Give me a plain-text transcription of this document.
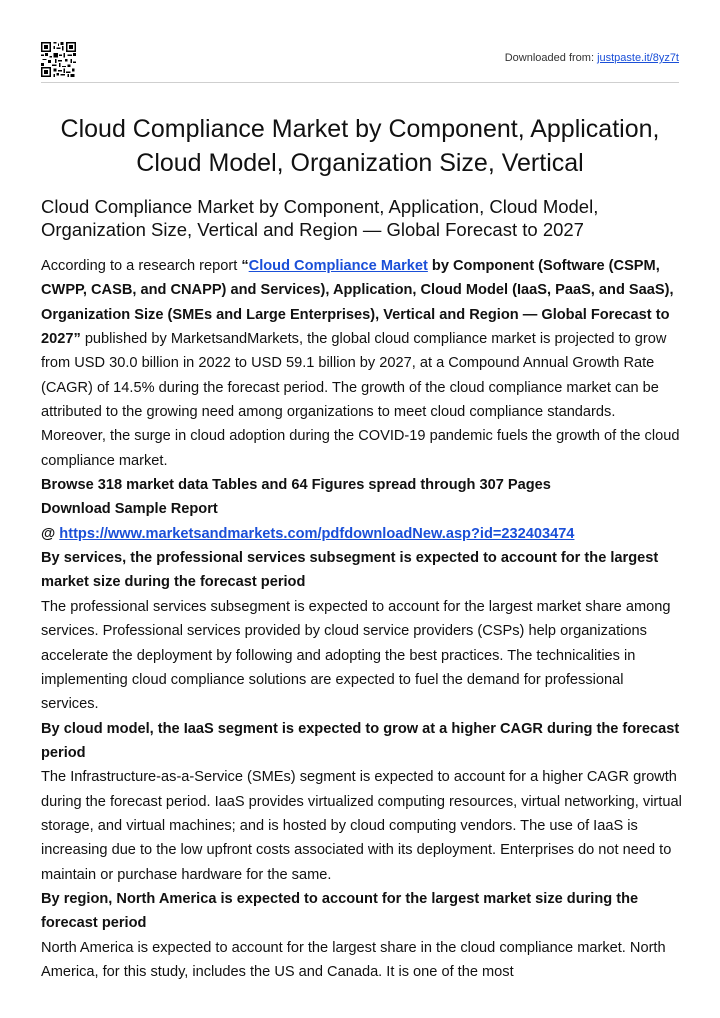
Downloaded from: justpaste.it/8yz7t
Cloud Compliance Market by Component, Application, Cloud Model, Organization Size, Vertical
Cloud Compliance Market by Component, Application, Cloud Model, Organization Size, Vertical and Region — Global Forecast to 2027

According to a research report “Cloud Compliance Market by Component (Software (CSPM, CWPP, CASB, and CNAPP) and Services), Application, Cloud Model (IaaS, PaaS, and SaaS), Organization Size (SMEs and Large Enterprises), Vertical and Region — Global Forecast to 2027” published by MarketsandMarkets, the global cloud compliance market is projected to grow from USD 30.0 billion in 2022 to USD 59.1 billion by 2027, at a Compound Annual Growth Rate (CAGR) of 14.5% during the forecast period. The growth of the cloud compliance market can be attributed to the growing need among organizations to meet cloud compliance standards. Moreover, the surge in cloud adoption during the COVID-19 pandemic fuels the growth of the cloud compliance market.

Browse 318 market data Tables and 64 Figures spread through 307 Pages

Download Sample Report

@ https://www.marketsandmarkets.com/pdfdownloadNew.asp?id=232403474

By services, the professional services subsegment is expected to account for the largest market size during the forecast period

The professional services subsegment is expected to account for the largest market share among services. Professional services provided by cloud service providers (CSPs) help organizations accelerate the deployment by following and adopting the best practices. The technicalities in implementing cloud compliance solutions are expected to fuel the demand for professional services.

By cloud model, the IaaS segment is expected to grow at a higher CAGR during the forecast period

The Infrastructure-as-a-Service (SMEs) segment is expected to account for a higher CAGR growth during the forecast period. IaaS provides virtualized computing resources, virtual networking, virtual storage, and virtual machines; and is hosted by cloud computing vendors. The use of IaaS is increasing due to the low upfront costs associated with its deployment. Enterprises do not need to maintain or purchase hardware for the same.

By region, North America is expected to account for the largest market size during the forecast period

North America is expected to account for the largest share in the cloud compliance market. North America, for this study, includes the US and Canada. It is one of the most
